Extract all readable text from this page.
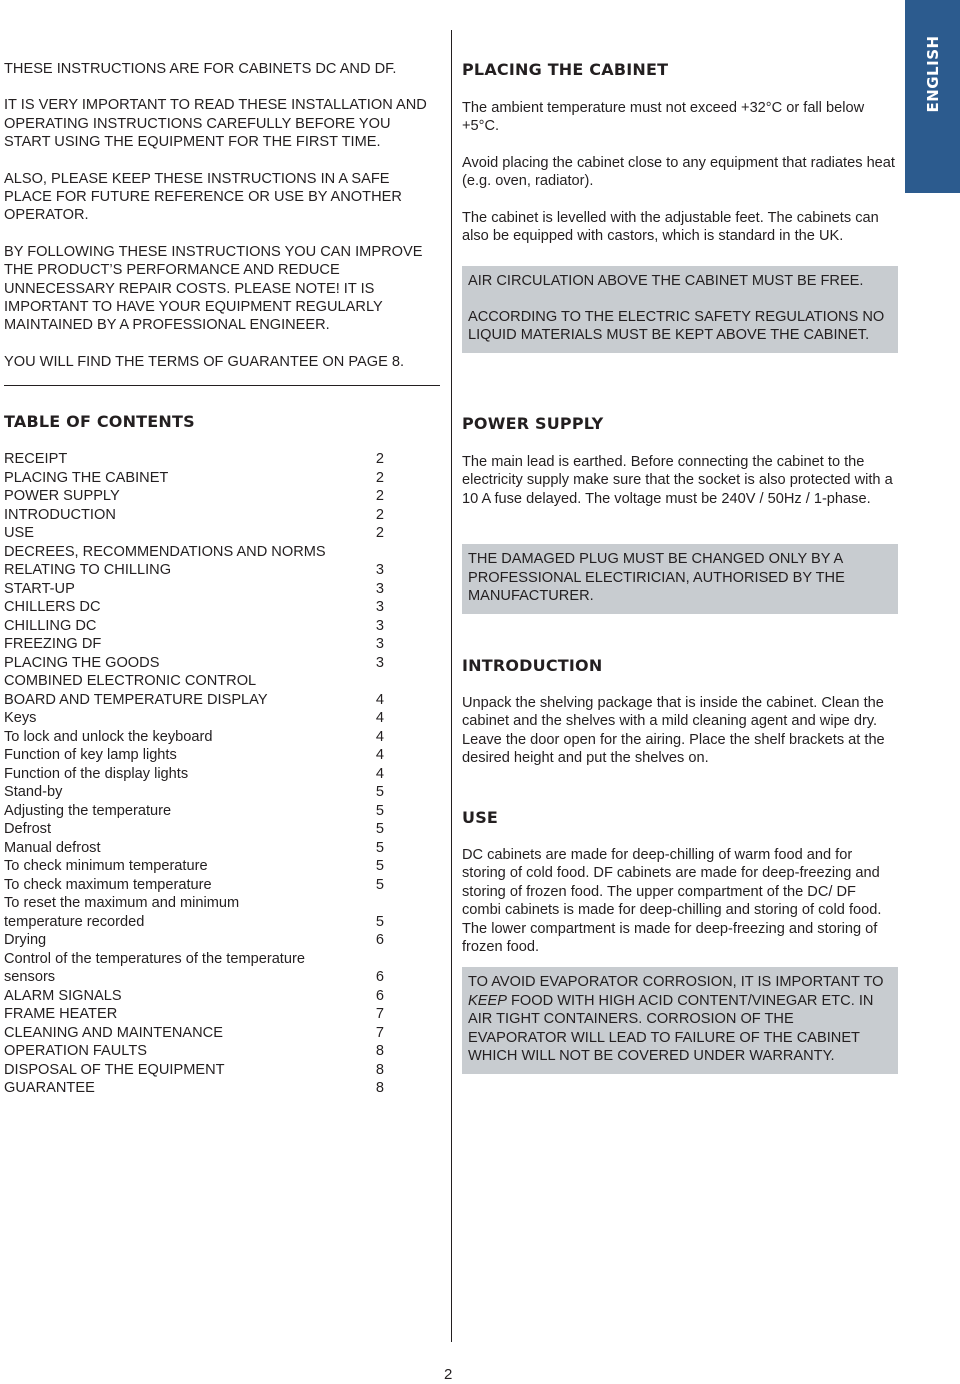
ENGLISH

THESE INSTRUCTIONS ARE FOR CABINETS DC AND DF.

IT IS VERY IMPORTANT TO READ THESE INSTALLATION AND OPERATING INSTRUCTIONS CAREFULLY BEFORE YOU START USING THE EQUIPMENT FOR THE FIRST TIME.

ALSO, PLEASE KEEP THESE INSTRUCTIONS IN A SAFE PLACE FOR FUTURE REFERENCE OR USE BY ANOTHER OPERATOR.

BY FOLLOWING THESE INSTRUCTIONS YOU CAN IMPROVE THE PRODUCT’S PERFORMANCE AND REDUCE UNNECESSARY REPAIR COSTS. PLEASE NOTE! IT IS IMPORTANT TO HAVE YOUR EQUIPMENT REGULARLY MAINTAINED BY A PROFESSIONAL ENGINEER.

YOU WILL FIND THE TERMS OF GUARANTEE ON PAGE 8.

TABLE OF CONTENTS
RECEIPT	2
PLACING THE CABINET	2
POWER SUPPLY	2
INTRODUCTION	2
USE	2
DECREES, RECOMMENDATIONS AND NORMS
RELATING TO CHILLING	3
START-UP	3
CHILLERS DC	3
CHILLING DC	3
FREEZING DF	3
PLACING THE GOODS	3
COMBINED ELECTRONIC CONTROL
BOARD AND TEMPERATURE DISPLAY	4
Keys	4
To lock and unlock the keyboard	4
Function of key lamp lights	4
Function of the display lights	4
Stand-by	5
Adjusting the temperature	5
Defrost	5
Manual defrost	5
To check minimum temperature	5
To check maximum temperature	5
To reset the maximum and minimum
temperature recorded	5
Drying	6
Control of the temperatures of the temperature
sensors	6
ALARM SIGNALS	6
FRAME HEATER	7
CLEANING AND MAINTENANCE	7
OPERATION FAULTS	8
DISPOSAL OF THE EQUIPMENT	8
GUARANTEE	8
PLACING THE CABINET

The ambient temperature must not exceed +32°C or fall below +5°C.

Avoid placing the cabinet close to any equipment that radiates heat (e.g. oven, radiator).

The cabinet is levelled with the adjustable feet. The cabinets can also be equipped with castors, which is standard in the UK.

AIR CIRCULATION ABOVE THE CABINET MUST BE FREE.

ACCORDING TO THE ELECTRIC SAFETY REGULATIONS NO LIQUID MATERIALS MUST BE KEPT ABOVE THE CABINET.

POWER SUPPLY

The main lead is earthed. Before connecting the cabinet to the electricity supply make sure that the socket is also protected with a 10 A fuse delayed. The voltage must be 240V / 50Hz / 1-phase.

THE DAMAGED PLUG MUST BE CHANGED ONLY BY A PROFESSIONAL ELECTIRICIAN, AUTHORISED BY THE MANUFACTURER.

INTRODUCTION

Unpack the shelving package that is inside the cabinet. Clean the cabinet and the shelves with a mild cleaning agent and wipe dry. Leave the door open for the airing. Place the shelf brackets at the desired height and put the shelves on.

USE

DC cabinets are made for deep-chilling of warm food and for storing of cold food. DF cabinets are made for deep-freezing and storing of frozen food. The upper compartment of the DC/ DF combi cabinets is made for deep-chilling and storing of cold food. The lower compartment is made for deep-freezing and storing of frozen food.

TO AVOID EVAPORATOR CORROSION, IT IS IMPORTANT TO KEEP FOOD WITH HIGH ACID CONTENT/VINEGAR ETC. IN AIR TIGHT CONTAINERS. CORROSION OF THE EVAPORATOR WILL LEAD TO FAILURE OF THE CABINET WHICH WILL NOT BE COVERED UNDER WARRANTY.

2
